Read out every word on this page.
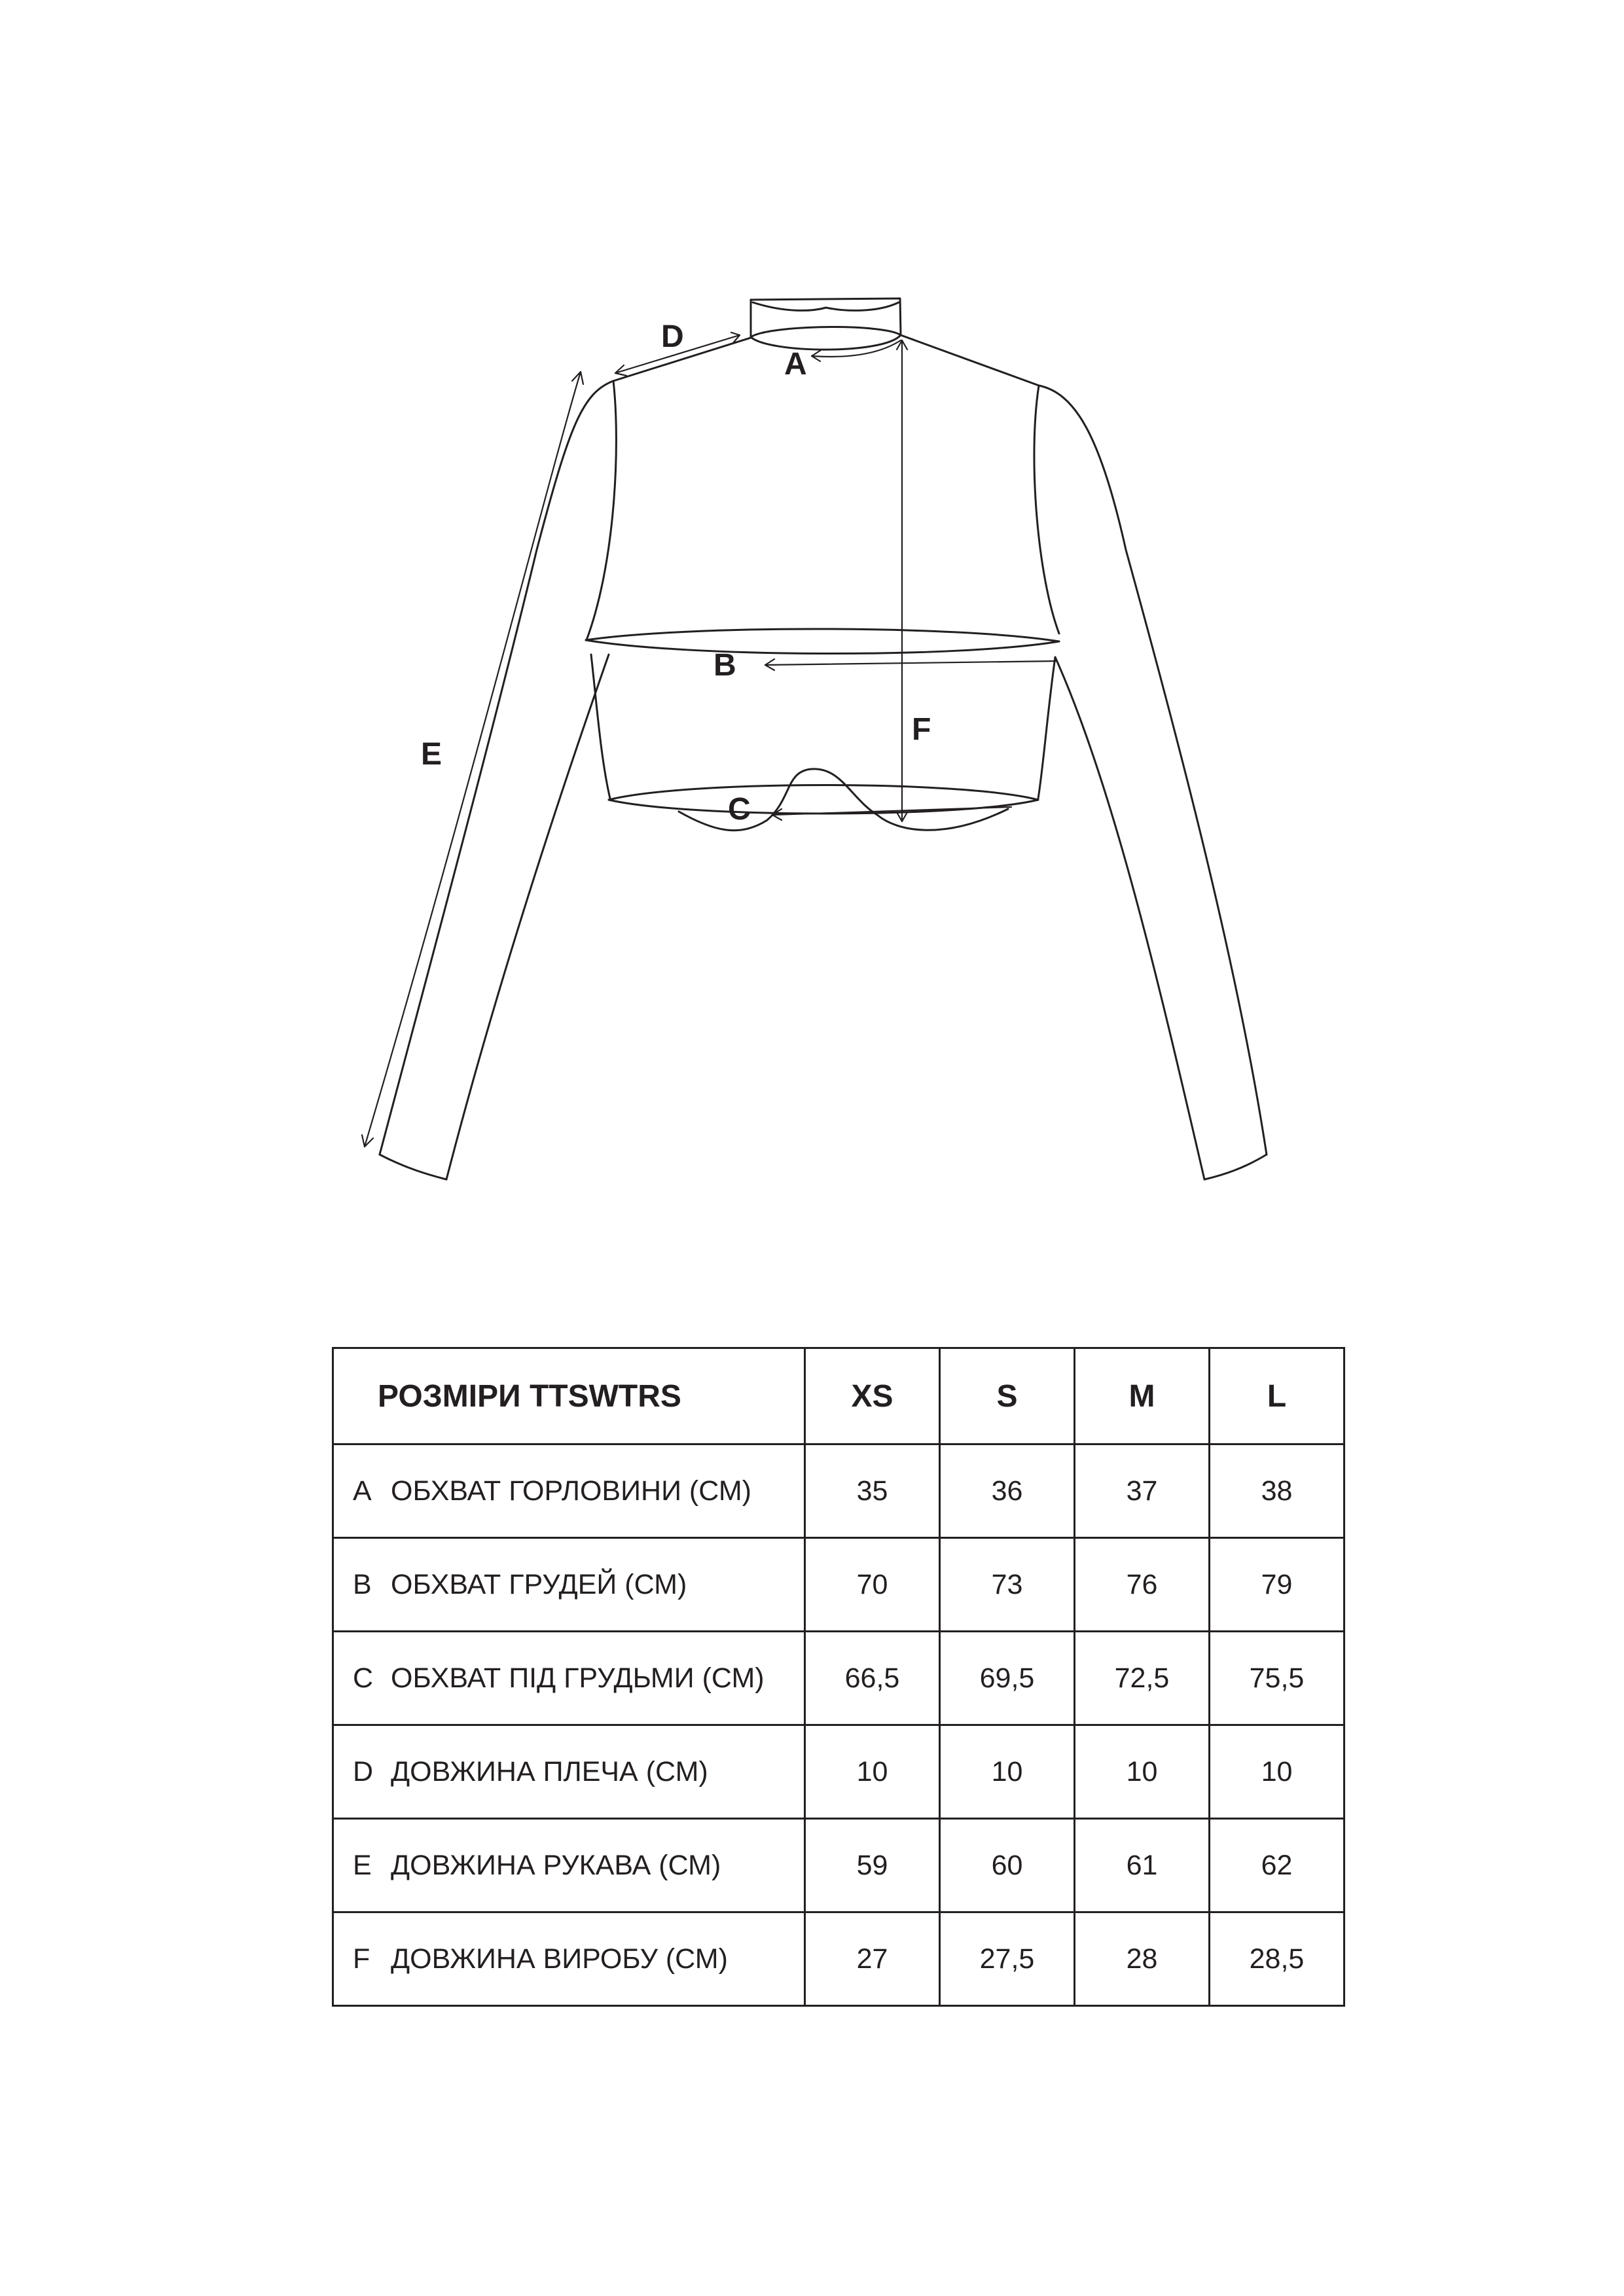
D
A
B
F
E
C
РОЗМІРИ TTSWTRS	XS	S	M	L
A ОБХВАТ ГОРЛОВИНИ (СМ)	35	36	37	38
B ОБХВАТ ГРУДЕЙ (СМ)	70	73	76	79
C ОБХВАТ ПІД ГРУДЬМИ (СМ)	66,5	69,5	72,5	75,5
D ДОВЖИНА ПЛЕЧА (СМ)	10	10	10	10
E ДОВЖИНА РУКАВА (СМ)	59	60	61	62
F ДОВЖИНА ВИРОБУ (СМ)	27	27,5	28	28,5
